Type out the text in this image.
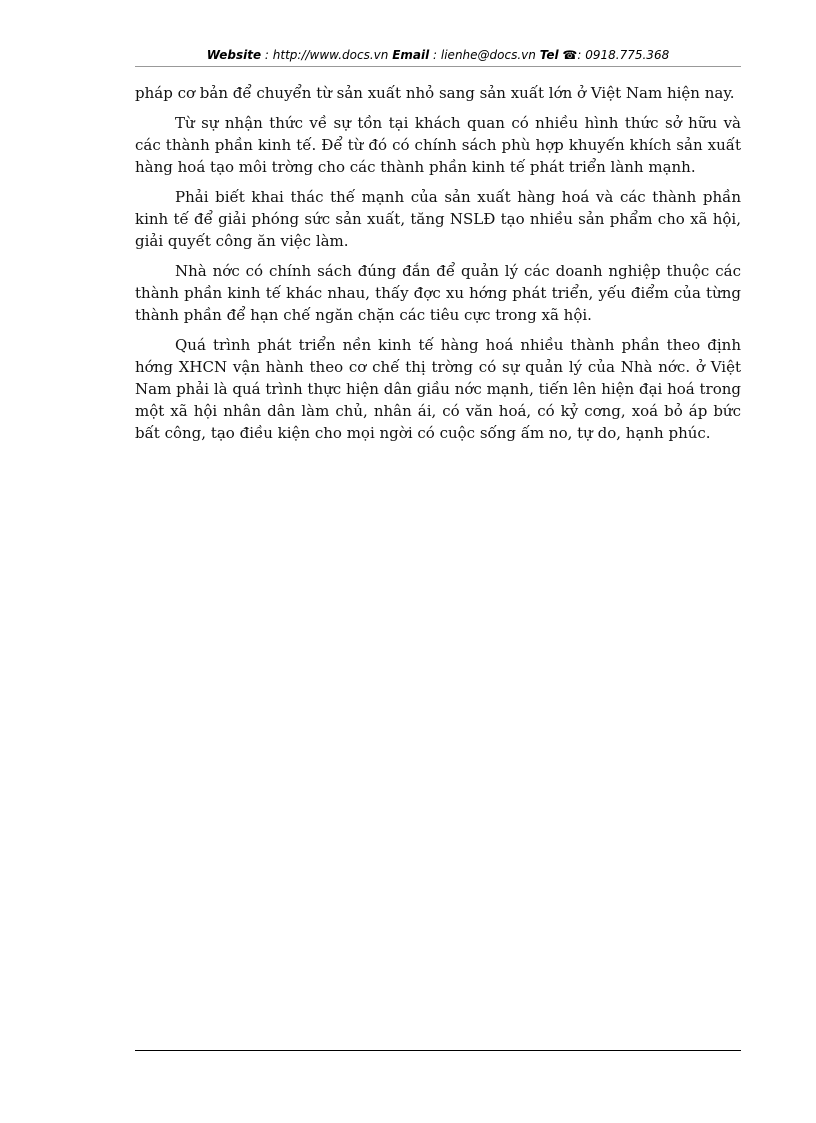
Website : http://www.docs.vn Email : lienhe@docs.vn Tel ☎: 0918.775.368

pháp cơ bản để chuyển từ sản xuất nhỏ sang sản xuất lớn ở Việt Nam hiện nay.

Từ sự nhận thức về sự tồn tại khách quan có nhiều hình thức sở hữu và các thành phần kinh tế. Để từ đó có chính sách phù hợp khuyến khích sản xuất hàng hoá tạo môi trờng cho các thành phần kinh tế phát triển lành mạnh.

Phải biết khai thác thế mạnh của sản xuất hàng hoá và các thành phần kinh tế để giải phóng sức sản xuất, tăng NSLĐ tạo nhiều sản phẩm cho xã hội, giải quyết công ăn việc làm.

Nhà nớc có chính sách đúng đắn để quản lý các doanh nghiệp thuộc các thành phần kinh tế khác nhau, thấy đợc xu hớng phát triển, yếu điểm của từng thành phần để hạn chế ngăn chặn các tiêu cực trong xã hội.

Quá trình phát triển nền kinh tế hàng hoá nhiều thành phần theo định hớng XHCN vận hành theo cơ chế thị trờng có sự quản lý của Nhà nớc. ở Việt Nam phải là quá trình thực hiện dân giầu nớc mạnh, tiến lên hiện đại hoá trong một xã hội nhân dân làm chủ, nhân ái, có văn hoá, có kỷ cơng, xoá bỏ áp bức bất công, tạo điều kiện cho mọi ngời có cuộc sống ấm no, tự do, hạnh phúc.
